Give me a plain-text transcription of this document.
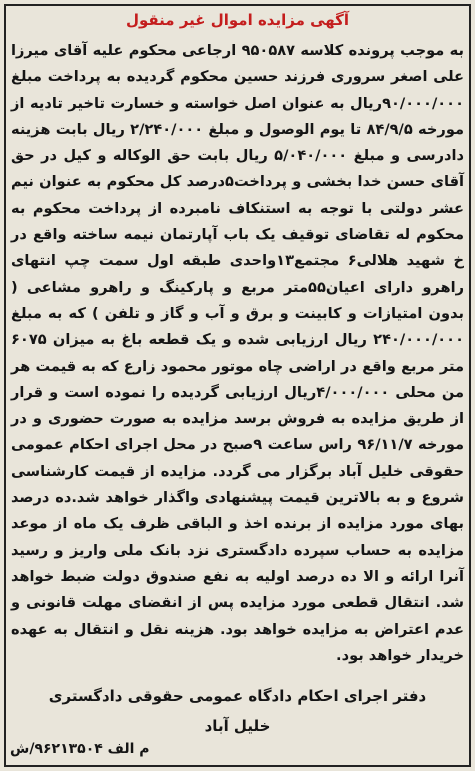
آگهی مزایده اموال غیر منقول

به موجب پرونده کلاسه ۹۵۰۵۸۷ ارجاعی محکوم علیه آقای میرزا علی اصغر سروری فرزند حسین محکوم گردیده به پرداخت مبلغ ۹۰/۰۰۰/۰۰۰ریال به عنوان اصل خواسته و خسارت تاخیر تادیه از مورخه ۸۴/۹/۵ تا یوم الوصول و مبلغ ۲/۲۴۰/۰۰۰ ریال بابت هزینه دادرسی و مبلغ ۵/۰۴۰/۰۰۰ ریال بابت حق الوکاله و کیل در حق آقای حسن خدا بخشی و پرداخت۵درصد کل محکوم به عنوان نیم عشر دولتی با توجه به استنکاف نامبرده از پرداخت محکوم به محکوم له تقاضای توقیف یک باب آپارتمان نیمه ساخته واقع در خ شهید هلالی۶ مجتمع۱۳واحدی طبقه اول سمت چپ انتهای راهرو دارای اعیان۵۵متر مربع و پارکینگ و راهرو مشاعی ( بدون امتیازات و کابینت و برق و آب و گاز و تلفن ) که به مبلغ ۲۴۰/۰۰۰/۰۰۰ ریال ارزیابی شده و یک قطعه باغ به میزان ۶۰۷۵ متر مربع واقع در اراضی چاه موتور محمود زارع که به قیمت هر من محلی ۴/۰۰۰/۰۰۰ریال ارزیابی گردیده را نموده است و قرار از طریق مزایده به فروش برسد مزایده به صورت حضوری و در مورخه ۹۶/۱۱/۷ راس ساعت ۹صبح در محل اجرای احکام عمومی حقوقی خلیل آباد برگزار می گردد. مزایده از قیمت کارشناسی شروع و به بالاترین قیمت پیشنهادی واگذار خواهد شد.ده درصد بهای مورد مزایده از برنده اخذ و الباقی ظرف یک ماه از موعد مزایده به حساب سپرده دادگستری نزد بانک ملی واریز و رسید آنرا ارائه و الا ده درصد اولیه به نفع صندوق دولت ضبط خواهد شد. انتقال قطعی مورد مزایده پس از انقضای مهلت قانونی و عدم اعتراض به مزایده خواهد بود. هزینه نقل و انتقال به عهده خریدار خواهد بود.

دفتر اجرای احکام دادگاه عمومی حقوقی دادگستری
خلیل آباد
م الف ۹۶۲۱۳۵۰۴/ش
